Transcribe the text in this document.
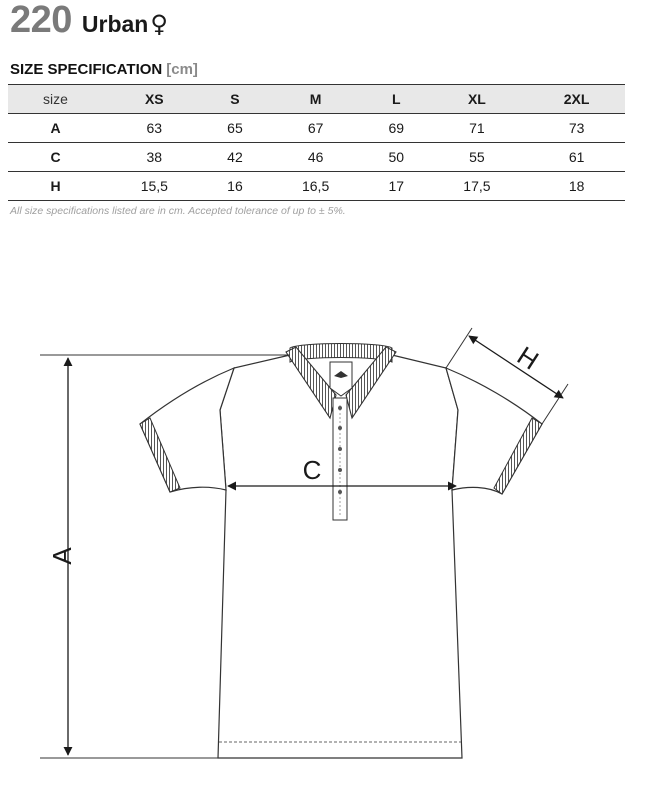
220 Urban ♀
SIZE SPECIFICATION [cm]
size	XS	S	M	L	XL	2XL
A	63	65	67	69	71	73
C	38	42	46	50	55	61
H	15,5	16	16,5	17	17,5	18
All size specifications listed are in cm. Accepted tolerance of up to ± 5%.
A
C
H
